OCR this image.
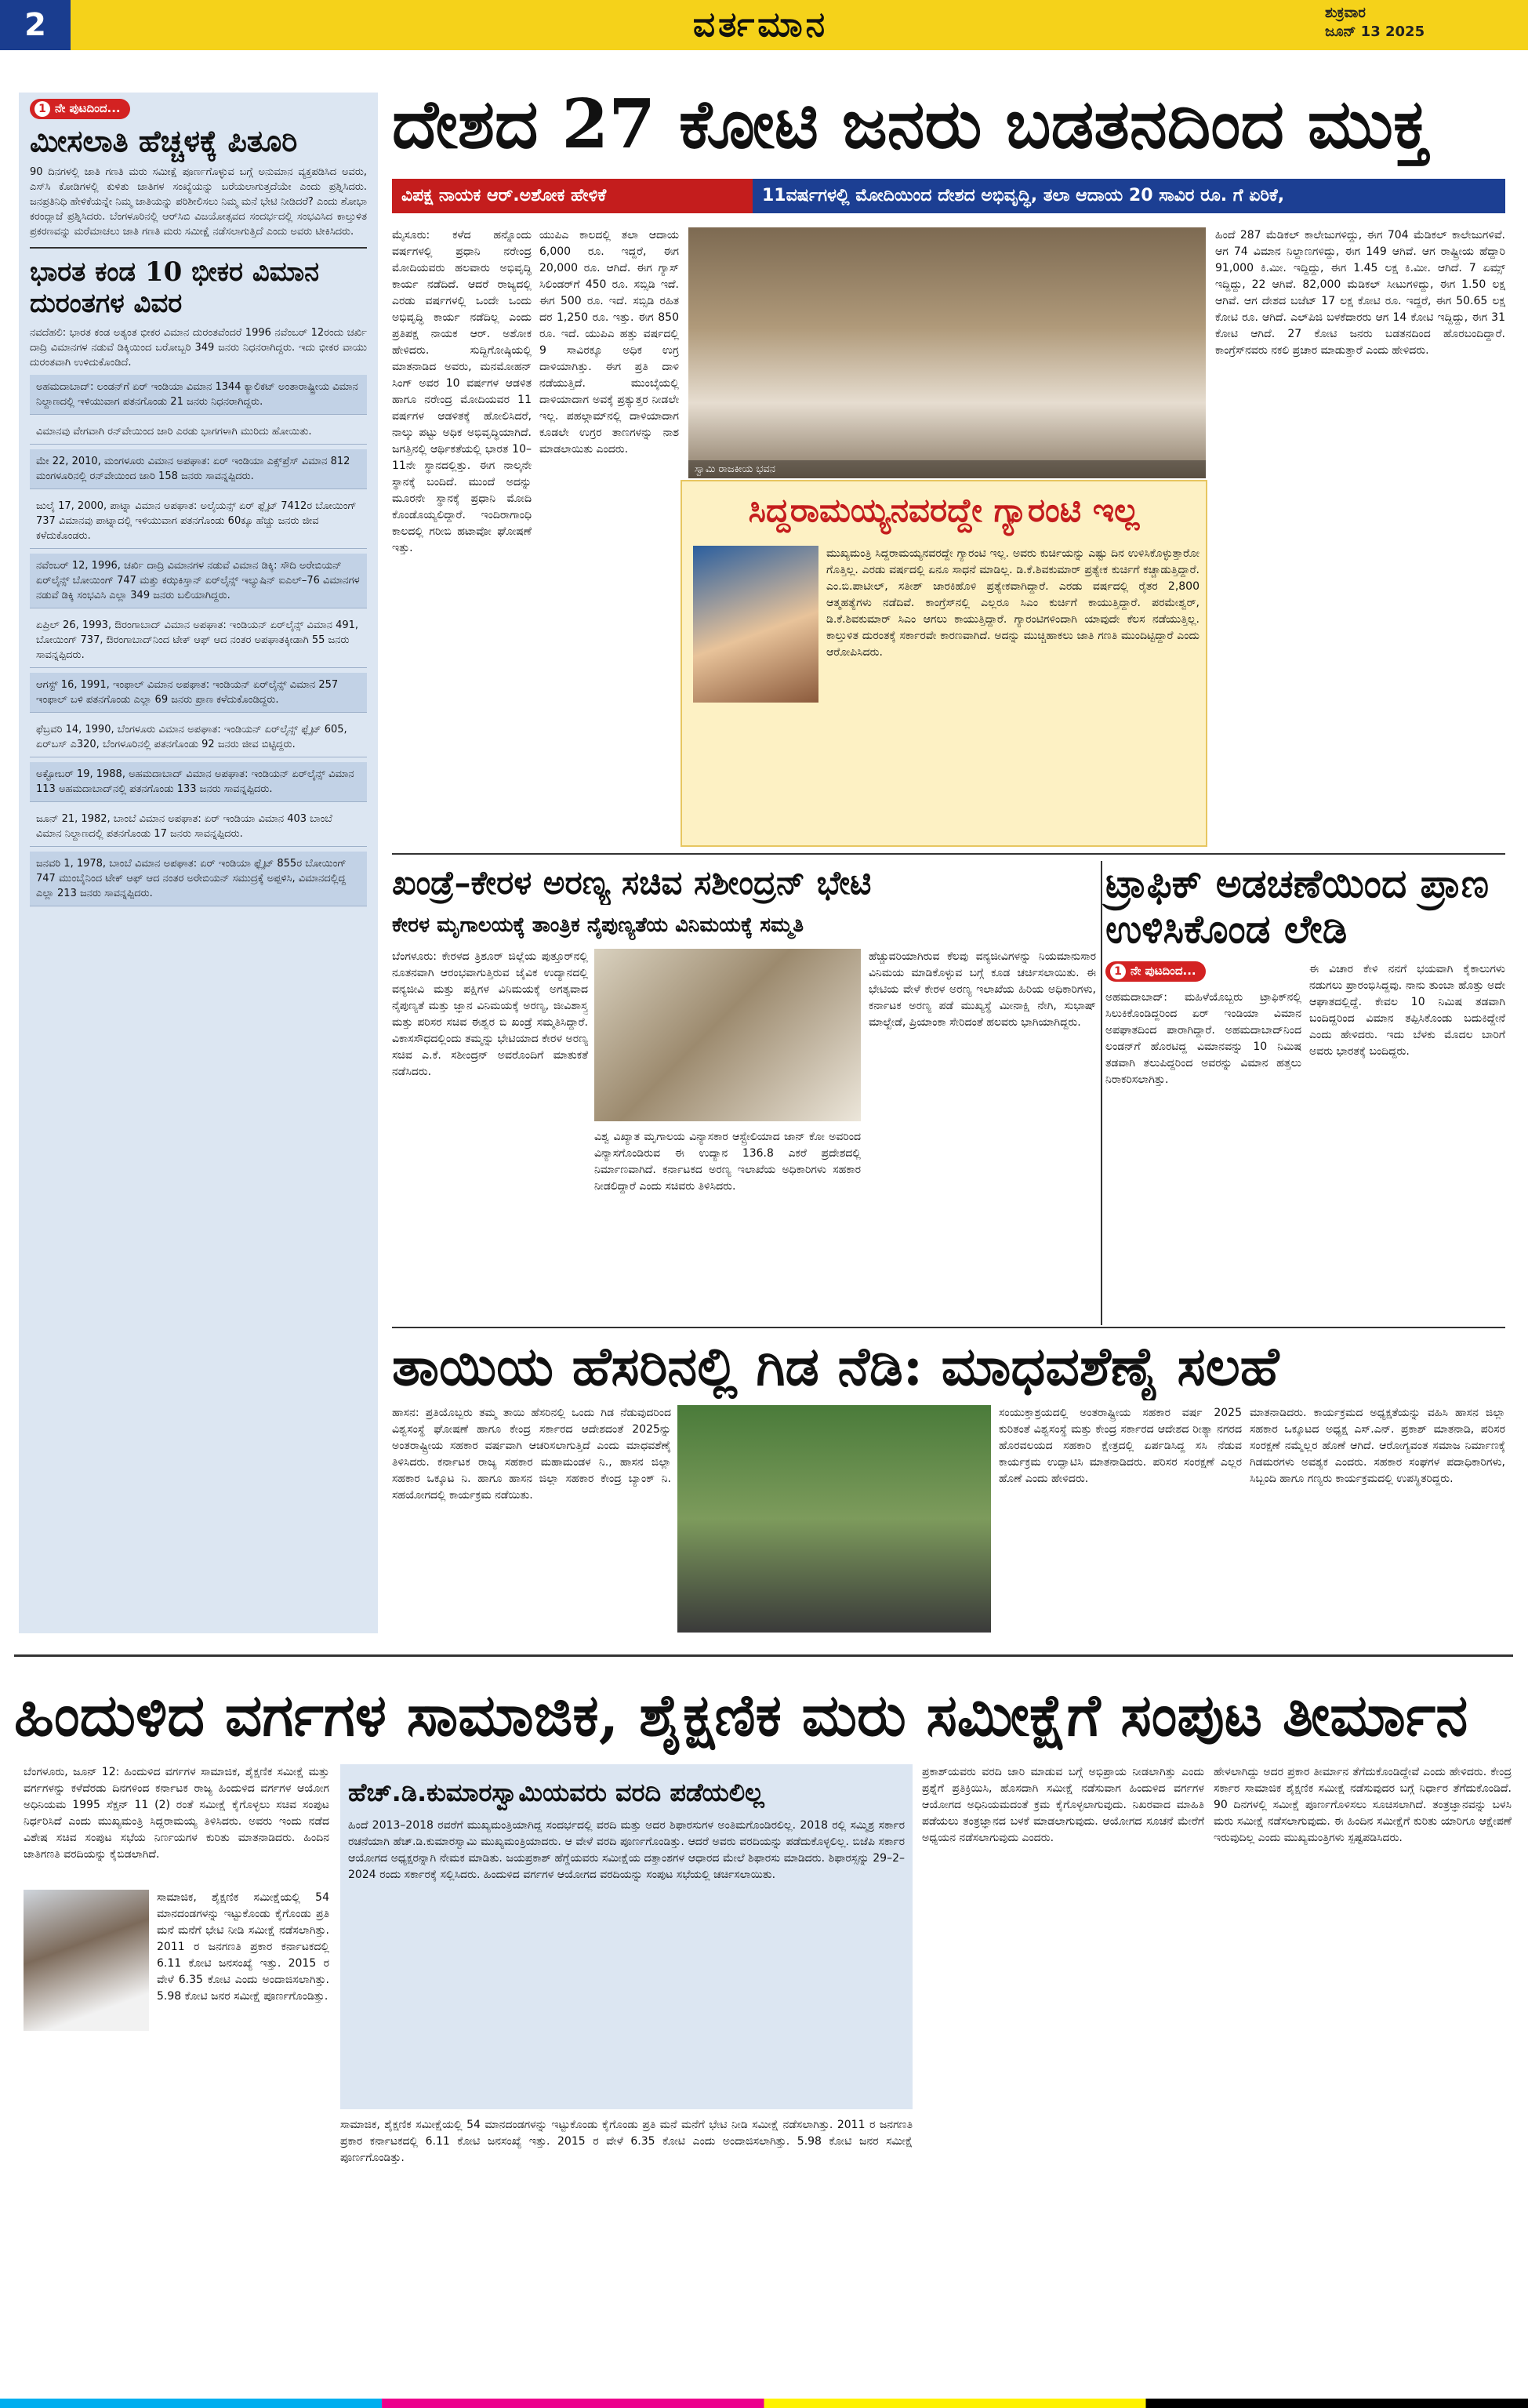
2	ವರ್ತಮಾನ	ಶುಕ್ರವಾರ
ಜೂನ್ 13 2025
1 ನೇ ಪುಟದಿಂದ...
ಮೀಸಲಾತಿ ಹೆಚ್ಚಳಕ್ಕೆ ಪಿತೂರಿ
90 ದಿನಗಳಲ್ಲಿ ಜಾತಿ ಗಣತಿ ಮರು ಸಮೀಕ್ಷೆ ಪೂರ್ಣಗೊಳ್ಳುವ ಬಗ್ಗೆ ಅನುಮಾನ ವ್ಯಕ್ತಪಡಿಸಿದ ಅವರು, ಎಸ್‌ಸಿ ಕೋಡಿಗಳಲ್ಲಿ ಕುಳಿತು ಜಾತಿಗಳ ಸಂಖ್ಯೆಯನ್ನು ಬರೆಯಲಾಗುತ್ತದೆಯೇ ಎಂದು ಪ್ರಶ್ನಿಸಿದರು. ಜನಪ್ರತಿನಿಧಿ ಹೇಳಿಕೆಯನ್ನೇ ನಿಮ್ಮ ಜಾತಿಯನ್ನು ಪರಿಶೀಲಿಸಲು ನಿಮ್ಮ ಮನೆ ಭೇಟಿ ನೀಡಿದರೆ? ಎಂದು ಶೋಭಾ ಕರಂದ್ಲಾಜೆ ಪ್ರಶ್ನಿಸಿದರು. ಬೆಂಗಳೂರಿನಲ್ಲಿ ಆರ್‌ಸಿಬಿ ವಿಜಯೋತ್ಸವದ ಸಂದರ್ಭದಲ್ಲಿ ಸಂಭವಿಸಿದ ಕಾಲ್ತುಳಿತ ಪ್ರಕರಣವನ್ನು ಮರೆಮಾಚಲು ಜಾತಿ ಗಣತಿ ಮರು ಸಮೀಕ್ಷೆ ನಡೆಸಲಾಗುತ್ತಿದೆ ಎಂದು ಅವರು ಟೀಕಿಸಿದರು.
ಭಾರತ ಕಂಡ 10 ಭೀಕರ ವಿಮಾನ ದುರಂತಗಳ ವಿವರ
ನವದೆಹಲಿ: ಭಾರತ ಕಂಡ ಅತ್ಯಂತ ಭೀಕರ ವಿಮಾನ ದುರಂತವೆಂದರೆ 1996 ನವೆಂಬರ್ 12ರಂದು ಚರ್ಖಿ ದಾದ್ರಿ ವಿಮಾನಗಳ ನಡುವೆ ಡಿಕ್ಕಿಯಿಂದ ಬರೋಬ್ಬರಿ 349 ಜನರು ನಿಧನರಾಗಿದ್ದರು. ಇದು ಭೀಕರ ವಾಯು ದುರಂತವಾಗಿ ಉಳಿದುಕೊಂಡಿದೆ.
ಅಹಮದಾಬಾದ್: ಲಂಡನ್‌ಗೆ ಏರ್ ಇಂಡಿಯಾ ವಿಮಾನ 1344 ಕ್ಯಾಲಿಕಟ್ ಅಂತಾರಾಷ್ಟ್ರೀಯ ವಿಮಾನ ನಿಲ್ದಾಣದಲ್ಲಿ ಇಳಿಯುವಾಗ ಪತನಗೊಂಡು 21 ಜನರು ನಿಧನರಾಗಿದ್ದರು.
ವಿಮಾನವು ವೇಗವಾಗಿ ರನ್‌ವೇಯಿಂದ ಜಾರಿ ಎರಡು ಭಾಗಗಳಾಗಿ ಮುರಿದು ಹೋಯಿತು.
ಮೇ 22, 2010, ಮಂಗಳೂರು ವಿಮಾನ ಅಪಘಾತ: ಏರ್ ಇಂಡಿಯಾ ಎಕ್ಸ್‌ಪ್ರೆಸ್ ವಿಮಾನ 812 ಮಂಗಳೂರಿನಲ್ಲಿ ರನ್‌ವೇಯಿಂದ ಜಾರಿ 158 ಜನರು ಸಾವನ್ನಪ್ಪಿದರು.
ಜುಲೈ 17, 2000, ಪಾಟ್ನಾ ವಿಮಾನ ಅಪಘಾತ: ಅಲೈಯನ್ಸ್ ಏರ್ ಫ್ಲೈಟ್ 7412ರ ಬೋಯಿಂಗ್ 737 ವಿಮಾನವು ಪಾಟ್ನಾದಲ್ಲಿ ಇಳಿಯುವಾಗ ಪತನಗೊಂಡು 60ಕ್ಕೂ ಹೆಚ್ಚು ಜನರು ಜೀವ ಕಳೆದುಕೊಂಡರು.
ನವೆಂಬರ್ 12, 1996, ಚರ್ಖಿ ದಾದ್ರಿ ವಿಮಾನಗಳ ನಡುವೆ ವಿಮಾನ ಡಿಕ್ಕಿ: ಸೌದಿ ಅರೇಬಿಯನ್ ಏರ್‌ಲೈನ್ಸ್ ಬೋಯಿಂಗ್ 747 ಮತ್ತು ಕಝಕಿಸ್ತಾನ್ ಏರ್‌ಲೈನ್ಸ್ ಇಲ್ಯುಷಿನ್ ಐಎಲ್–76 ವಿಮಾನಗಳ ನಡುವೆ ಡಿಕ್ಕಿ ಸಂಭವಿಸಿ ಎಲ್ಲಾ 349 ಜನರು ಬಲಿಯಾಗಿದ್ದರು.
ಏಪ್ರಿಲ್ 26, 1993, ಔರಂಗಾಬಾದ್ ವಿಮಾನ ಅಪಘಾತ: ಇಂಡಿಯನ್ ಏರ್‌ಲೈನ್ಸ್ ವಿಮಾನ 491, ಬೋಯಿಂಗ್ 737, ಔರಂಗಾಬಾದ್‌ನಿಂದ ಟೇಕ್ ಆಫ್ ಆದ ನಂತರ ಅಪಘಾತಕ್ಕೀಡಾಗಿ 55 ಜನರು ಸಾವನ್ನಪ್ಪಿದರು.
ಆಗಸ್ಟ್ 16, 1991, ಇಂಫಾಲ್ ವಿಮಾನ ಅಪಘಾತ: ಇಂಡಿಯನ್ ಏರ್‌ಲೈನ್ಸ್ ವಿಮಾನ 257 ಇಂಫಾಲ್ ಬಳಿ ಪತನಗೊಂಡು ಎಲ್ಲಾ 69 ಜನರು ಪ್ರಾಣ ಕಳೆದುಕೊಂಡಿದ್ದರು.
ಫೆಬ್ರವರಿ 14, 1990, ಬೆಂಗಳೂರು ವಿಮಾನ ಅಪಘಾತ: ಇಂಡಿಯನ್ ಏರ್‌ಲೈನ್ಸ್ ಫ್ಲೈಟ್ 605, ಏರ್‌ಬಸ್ ಎ320, ಬೆಂಗಳೂರಿನಲ್ಲಿ ಪತನಗೊಂಡು 92 ಜನರು ಜೀವ ಬಿಟ್ಟಿದ್ದರು.
ಅಕ್ಟೋಬರ್ 19, 1988, ಅಹಮದಾಬಾದ್ ವಿಮಾನ ಅಪಘಾತ: ಇಂಡಿಯನ್ ಏರ್‌ಲೈನ್ಸ್ ವಿಮಾನ 113 ಅಹಮದಾಬಾದ್‌ನಲ್ಲಿ ಪತನಗೊಂಡು 133 ಜನರು ಸಾವನ್ನಪ್ಪಿದರು.
ಜೂನ್ 21, 1982, ಬಾಂಬೆ ವಿಮಾನ ಅಪಘಾತ: ಏರ್ ಇಂಡಿಯಾ ವಿಮಾನ 403 ಬಾಂಬೆ ವಿಮಾನ ನಿಲ್ದಾಣದಲ್ಲಿ ಪತನಗೊಂಡು 17 ಜನರು ಸಾವನ್ನಪ್ಪಿದರು.
ಜನವರಿ 1, 1978, ಬಾಂಬೆ ವಿಮಾನ ಅಪಘಾತ: ಏರ್ ಇಂಡಿಯಾ ಫ್ಲೈಟ್ 855ರ ಬೋಯಿಂಗ್ 747 ಮುಂಬೈನಿಂದ ಟೇಕ್ ಆಫ್ ಆದ ನಂತರ ಅರೇಬಿಯನ್ ಸಮುದ್ರಕ್ಕೆ ಅಪ್ಪಳಿಸಿ, ವಿಮಾನದಲ್ಲಿದ್ದ ಎಲ್ಲಾ 213 ಜನರು ಸಾವನ್ನಪ್ಪಿದರು.
ದೇಶದ 27 ಕೋಟಿ ಜನರು ಬಡತನದಿಂದ ಮುಕ್ತ
ವಿಪಕ್ಷ ನಾಯಕ ಆರ್.ಅಶೋಕ ಹೇಳಿಕೆ	11ವರ್ಷಗಳಲ್ಲಿ ಮೋದಿಯಿಂದ ದೇಶದ ಅಭಿವೃದ್ಧಿ, ತಲಾ ಆದಾಯ 20 ಸಾವಿರ ರೂ. ಗೆ ಏರಿಕೆ,
ಮೈಸೂರು: ಕಳೆದ ಹನ್ನೊಂದು ವರ್ಷಗಳಲ್ಲಿ ಪ್ರಧಾನಿ ನರೇಂದ್ರ ಮೋದಿಯವರು ಹಲವಾರು ಅಭಿವೃದ್ಧಿ ಕಾರ್ಯ ನಡೆದಿದೆ. ಆದರೆ ರಾಜ್ಯದಲ್ಲಿ ಎರಡು ವರ್ಷಗಳಲ್ಲಿ ಒಂದೇ ಒಂದು ಅಭಿವೃದ್ಧಿ ಕಾರ್ಯ ನಡೆದಿಲ್ಲ ಎಂದು ಪ್ರತಿಪಕ್ಷ ನಾಯಕ ಆರ್. ಅಶೋಕ ಹೇಳಿದರು. ಸುದ್ದಿಗೋಷ್ಠಿಯಲ್ಲಿ ಮಾತನಾಡಿದ ಅವರು, ಮನಮೋಹನ್ ಸಿಂಗ್ ಅವರ 10 ವರ್ಷಗಳ ಆಡಳಿತ ಹಾಗೂ ನರೇಂದ್ರ ಮೋದಿಯವರ 11 ವರ್ಷಗಳ ಆಡಳಿತಕ್ಕೆ ಹೋಲಿಸಿದರೆ, ನಾಲ್ಕು ಪಟ್ಟು ಅಧಿಕ ಅಭಿವೃದ್ಧಿಯಾಗಿದೆ. ಜಗತ್ತಿನಲ್ಲಿ ಆರ್ಥಿಕತೆಯಲ್ಲಿ ಭಾರತ 10–11ನೇ ಸ್ಥಾನದಲ್ಲಿತ್ತು. ಈಗ ನಾಲ್ಕನೇ ಸ್ಥಾನಕ್ಕೆ ಬಂದಿದೆ. ಮುಂದೆ ಅದನ್ನು ಮೂರನೇ ಸ್ಥಾನಕ್ಕೆ ಪ್ರಧಾನಿ ಮೋದಿ ಕೊಂಡೊಯ್ಯಲಿದ್ದಾರೆ. ಇಂದಿರಾಗಾಂಧಿ ಕಾಲದಲ್ಲಿ ಗರೀಬಿ ಹಟಾವೋ ಘೋಷಣೆ ಇತ್ತು.
ಯುಪಿಎ ಕಾಲದಲ್ಲಿ ತಲಾ ಆದಾಯ 6,000 ರೂ. ಇದ್ದರೆ, ಈಗ 20,000 ರೂ. ಆಗಿದೆ. ಈಗ ಗ್ಯಾಸ್ ಸಿಲಿಂಡರ್‌ಗೆ 450 ರೂ. ಸಬ್ಸಿಡಿ ಇದೆ. ಈಗ 500 ರೂ. ಇದೆ. ಸಬ್ಸಿಡಿ ರಹಿತ ದರ 1,250 ರೂ. ಇತ್ತು. ಈಗ 850 ರೂ. ಇದೆ. ಯುಪಿಎ ಹತ್ತು ವರ್ಷದಲ್ಲಿ 9 ಸಾವಿರಕ್ಕೂ ಅಧಿಕ ಉಗ್ರ ದಾಳಿಯಾಗಿತ್ತು. ಈಗ ಪ್ರತಿ ದಾಳಿ ನಡೆಯುತ್ತಿದೆ. ಮುಂಬೈಯಲ್ಲಿ ದಾಳಿಯಾದಾಗ ಅವಕ್ಕೆ ಪ್ರತ್ಯುತ್ತರ ನೀಡಲೇ ಇಲ್ಲ. ಪಹಲ್ಗಾಮ್‌ನಲ್ಲಿ ದಾಳಿಯಾದಾಗ ಕೂಡಲೇ ಉಗ್ರರ ತಾಣಗಳನ್ನು ನಾಶ ಮಾಡಲಾಯಿತು ಎಂದರು.
ಸ್ವಾಮಿ ರಾಜಕೀಯ ಭವನ
ಹಿಂದೆ 287 ಮೆಡಿಕಲ್ ಕಾಲೇಜುಗಳಿದ್ದು, ಈಗ 704 ಮೆಡಿಕಲ್ ಕಾಲೇಜುಗಳಿವೆ. ಆಗ 74 ವಿಮಾನ ನಿಲ್ದಾಣಗಳಿದ್ದು, ಈಗ 149 ಆಗಿವೆ. ಆಗ ರಾಷ್ಟ್ರೀಯ ಹೆದ್ದಾರಿ 91,000 ಕಿ.ಮೀ. ಇದ್ದಿದ್ದು, ಈಗ 1.45 ಲಕ್ಷ ಕಿ.ಮೀ. ಆಗಿದೆ. 7 ಏಮ್ಸ್ ಇದ್ದಿದ್ದು, 22 ಆಗಿವೆ. 82,000 ಮೆಡಿಕಲ್ ಸೀಟುಗಳಿದ್ದು, ಈಗ 1.50 ಲಕ್ಷ ಆಗಿವೆ. ಆಗ ದೇಶದ ಬಜೆಟ್ 17 ಲಕ್ಷ ಕೋಟಿ ರೂ. ಇದ್ದರೆ, ಈಗ 50.65 ಲಕ್ಷ ಕೋಟಿ ರೂ. ಆಗಿದೆ. ಎಲ್‌ಪಿಜಿ ಬಳಕೆದಾರರು ಆಗ 14 ಕೋಟಿ ಇದ್ದಿದ್ದು, ಈಗ 31 ಕೋಟಿ ಆಗಿದೆ. 27 ಕೋಟಿ ಜನರು ಬಡತನದಿಂದ ಹೊರಬಂದಿದ್ದಾರೆ. ಕಾಂಗ್ರೆಸ್‌ನವರು ನಕಲಿ ಪ್ರಚಾರ ಮಾಡುತ್ತಾರೆ ಎಂದು ಹೇಳಿದರು.
ಸಿದ್ದರಾಮಯ್ಯನವರದ್ದೇ ಗ್ಯಾರಂಟಿ ಇಲ್ಲ
ಮುಖ್ಯಮಂತ್ರಿ ಸಿದ್ದರಾಮಯ್ಯನವರದ್ದೇ ಗ್ಯಾರಂಟಿ ಇಲ್ಲ. ಅವರು ಕುರ್ಚಿಯನ್ನು ಎಷ್ಟು ದಿನ ಉಳಿಸಿಕೊಳ್ಳುತ್ತಾರೋ ಗೊತ್ತಿಲ್ಲ. ಎರಡು ವರ್ಷದಲ್ಲಿ ಏನೂ ಸಾಧನೆ ಮಾಡಿಲ್ಲ. ಡಿ.ಕೆ.ಶಿವಕುಮಾರ್ ಪ್ರತ್ಯೇಕ ಕುರ್ಚಿಗೆ ಕಚ್ಚಾಡುತ್ತಿದ್ದಾರೆ. ಎಂ.ಬಿ.ಪಾಟೀಲ್, ಸತೀಶ್ ಜಾರಕಿಹೊಳಿ ಪ್ರತ್ಯೇಕವಾಗಿದ್ದಾರೆ. ಎರಡು ವರ್ಷದಲ್ಲಿ ರೈತರ 2,800 ಆತ್ಮಹತ್ಯೆಗಳು ನಡೆದಿವೆ. ಕಾಂಗ್ರೆಸ್‌ನಲ್ಲಿ ಎಲ್ಲರೂ ಸಿಎಂ ಕುರ್ಚಿಗೆ ಕಾಯುತ್ತಿದ್ದಾರೆ. ಪರಮೇಶ್ವರ್, ಡಿ.ಕೆ.ಶಿವಕುಮಾರ್ ಸಿಎಂ ಆಗಲು ಕಾಯುತ್ತಿದ್ದಾರೆ. ಗ್ಯಾರಂಟಿಗಳಿಂದಾಗಿ ಯಾವುದೇ ಕೆಲಸ ನಡೆಯುತ್ತಿಲ್ಲ. ಕಾಲ್ತುಳಿತ ದುರಂತಕ್ಕೆ ಸರ್ಕಾರವೇ ಕಾರಣವಾಗಿದೆ. ಅದನ್ನು ಮುಚ್ಚಿಹಾಕಲು ಜಾತಿ ಗಣತಿ ಮುಂದಿಟ್ಟಿದ್ದಾರೆ ಎಂದು ಆರೋಪಿಸಿದರು.
ಖಂಡ್ರೆ–ಕೇರಳ ಅರಣ್ಯ ಸಚಿವ ಸಶೀಂದ್ರನ್ ಭೇಟಿ
ಕೇರಳ ಮೃಗಾಲಯಕ್ಕೆ ತಾಂತ್ರಿಕ ನೈಪುಣ್ಯತೆಯ ವಿನಿಮಯಕ್ಕೆ ಸಮ್ಮತಿ
ಬೆಂಗಳೂರು: ಕೇರಳದ ತ್ರಿಶೂರ್ ಜಿಲ್ಲೆಯ ಪುತ್ತೂರ್‌ನಲ್ಲಿ ನೂತನವಾಗಿ ಆರಂಭವಾಗುತ್ತಿರುವ ಜೈವಿಕ ಉದ್ಯಾನದಲ್ಲಿ ವನ್ಯಜೀವಿ ಮತ್ತು ಪಕ್ಷಿಗಳ ವಿನಿಮಯಕ್ಕೆ ಅಗತ್ಯವಾದ ನೈಪುಣ್ಯತೆ ಮತ್ತು ಜ್ಞಾನ ವಿನಿಮಯಕ್ಕೆ ಅರಣ್ಯ, ಜೀವಿಶಾಸ್ತ್ರ ಮತ್ತು ಪರಿಸರ ಸಚಿವ ಈಶ್ವರ ಬಿ ಖಂಡ್ರೆ ಸಮ್ಮತಿಸಿದ್ದಾರೆ. ವಿಕಾಸಸೌಧದಲ್ಲಿಂದು ತಮ್ಮನ್ನು ಭೇಟಿಯಾದ ಕೇರಳ ಅರಣ್ಯ ಸಚಿವ ಎ.ಕೆ. ಸಶೀಂದ್ರನ್ ಅವರೊಂದಿಗೆ ಮಾತುಕತೆ ನಡೆಸಿದರು.
ವಿಶ್ವ ವಿಖ್ಯಾತ ಮೃಗಾಲಯ ವಿನ್ಯಾಸಕಾರ ಆಸ್ಟ್ರೇಲಿಯಾದ ಜಾನ್ ಕೋ ಅವರಿಂದ ವಿನ್ಯಾಸಗೊಂಡಿರುವ ಈ ಉದ್ಯಾನ 136.8 ಎಕರೆ ಪ್ರದೇಶದಲ್ಲಿ ನಿರ್ಮಾಣವಾಗಿದೆ. ಕರ್ನಾಟಕದ ಅರಣ್ಯ ಇಲಾಖೆಯ ಅಧಿಕಾರಿಗಳು ಸಹಕಾರ ನೀಡಲಿದ್ದಾರೆ ಎಂದು ಸಚಿವರು ತಿಳಿಸಿದರು.
ಹೆಚ್ಚುವರಿಯಾಗಿರುವ ಕೆಲವು ವನ್ಯಜೀವಿಗಳನ್ನು ನಿಯಮಾನುಸಾರ ವಿನಿಮಯ ಮಾಡಿಕೊಳ್ಳುವ ಬಗ್ಗೆ ಕೂಡ ಚರ್ಚಿಸಲಾಯಿತು. ಈ ಭೇಟಿಯ ವೇಳೆ ಕೇರಳ ಅರಣ್ಯ ಇಲಾಖೆಯ ಹಿರಿಯ ಅಧಿಕಾರಿಗಳು, ಕರ್ನಾಟಕ ಅರಣ್ಯ ಪಡೆ ಮುಖ್ಯಸ್ಥೆ ಮೀನಾಕ್ಷಿ ನೇಗಿ, ಸುಭಾಷ್ ಮಾಲ್ಖೇಡೆ, ಪ್ರಿಯಾಂಕಾ ಸೇರಿದಂತೆ ಹಲವರು ಭಾಗಿಯಾಗಿದ್ದರು.
ಟ್ರಾಫಿಕ್ ಅಡಚಣೆಯಿಂದ ಪ್ರಾಣ ಉಳಿಸಿಕೊಂಡ ಲೇಡಿ
1 ನೇ ಪುಟದಿಂದ...
ಅಹಮದಾಬಾದ್: ಮಹಿಳೆಯೊಬ್ಬರು ಟ್ರಾಫಿಕ್‌ನಲ್ಲಿ ಸಿಲುಕಿಕೊಂಡಿದ್ದರಿಂದ ಏರ್ ಇಂಡಿಯಾ ವಿಮಾನ ಅಪಘಾತದಿಂದ ಪಾರಾಗಿದ್ದಾರೆ. ಅಹಮದಾಬಾದ್‌ನಿಂದ ಲಂಡನ್‌ಗೆ ಹೊರಟಿದ್ದ ವಿಮಾನವನ್ನು 10 ನಿಮಿಷ ತಡವಾಗಿ ತಲುಪಿದ್ದರಿಂದ ಅವರನ್ನು ವಿಮಾನ ಹತ್ತಲು ನಿರಾಕರಿಸಲಾಗಿತ್ತು.
ಈ ವಿಚಾರ ಕೇಳಿ ನನಗೆ ಭಯವಾಗಿ ಕೈಕಾಲುಗಳು ನಡುಗಲು ಪ್ರಾರಂಭಿಸಿದ್ದವು. ನಾನು ತುಂಬಾ ಹೊತ್ತು ಅದೇ ಆಘಾತದಲ್ಲಿದ್ದೆ. ಕೇವಲ 10 ನಿಮಿಷ ತಡವಾಗಿ ಬಂದಿದ್ದರಿಂದ ವಿಮಾನ ತಪ್ಪಿಸಿಕೊಂಡು ಬದುಕಿದ್ದೇನೆ ಎಂದು ಹೇಳಿದರು. ಇದು ಬೆಳಕು ಮೊದಲ ಬಾರಿಗೆ ಅವರು ಭಾರತಕ್ಕೆ ಬಂದಿದ್ದರು.
ತಾಯಿಯ ಹೆಸರಿನಲ್ಲಿ ಗಿಡ ನೆಡಿ: ಮಾಧವಶೆಣೈ ಸಲಹೆ
ಹಾಸನ: ಪ್ರತಿಯೊಬ್ಬರು ತಮ್ಮ ತಾಯಿ ಹೆಸರಿನಲ್ಲಿ ಒಂದು ಗಿಡ ನೆಡುವುದರಿಂದ ವಿಶ್ವಸಂಸ್ಥೆ ಘೋಷಣೆ ಹಾಗೂ ಕೇಂದ್ರ ಸರ್ಕಾರದ ಆದೇಶದಂತೆ 2025ನ್ನು ಅಂತರಾಷ್ಟ್ರೀಯ ಸಹಕಾರ ವರ್ಷವಾಗಿ ಆಚರಿಸಲಾಗುತ್ತಿದೆ ಎಂದು ಮಾಧವಶೆಣೈ ತಿಳಿಸಿದರು. ಕರ್ನಾಟಕ ರಾಜ್ಯ ಸಹಕಾರ ಮಹಾಮಂಡಳ ನಿ., ಹಾಸನ ಜಿಲ್ಲಾ ಸಹಕಾರ ಒಕ್ಕೂಟ ನಿ. ಹಾಗೂ ಹಾಸನ ಜಿಲ್ಲಾ ಸಹಕಾರ ಕೇಂದ್ರ ಬ್ಯಾಂಕ್ ನಿ. ಸಹಯೋಗದಲ್ಲಿ ಕಾರ್ಯಕ್ರಮ ನಡೆಯಿತು.
ಸಂಯುಕ್ತಾಶ್ರಯದಲ್ಲಿ ಅಂತರಾಷ್ಟ್ರೀಯ ಸಹಕಾರ ವರ್ಷ 2025 ಕುರಿತಂತೆ ವಿಶ್ವಸಂಸ್ಥೆ ಮತ್ತು ಕೇಂದ್ರ ಸರ್ಕಾರದ ಆದೇಶದ ರೀತ್ಯಾ ನಗರದ ಹೊರವಲಯದ ಸಹಕಾರಿ ಕ್ಷೇತ್ರದಲ್ಲಿ ಏರ್ಪಡಿಸಿದ್ದ ಸಸಿ ನೆಡುವ ಕಾರ್ಯಕ್ರಮ ಉದ್ಘಾಟಿಸಿ ಮಾತನಾಡಿದರು. ಪರಿಸರ ಸಂರಕ್ಷಣೆ ಎಲ್ಲರ ಹೊಣೆ ಎಂದು ಹೇಳಿದರು.
ಮಾತನಾಡಿದರು. ಕಾರ್ಯಕ್ರಮದ ಅಧ್ಯಕ್ಷತೆಯನ್ನು ವಹಿಸಿ ಹಾಸನ ಜಿಲ್ಲಾ ಸಹಕಾರ ಒಕ್ಕೂಟದ ಅಧ್ಯಕ್ಷ ಎಸ್.ಎನ್. ಪ್ರಕಾಶ್ ಮಾತನಾಡಿ, ಪರಿಸರ ಸಂರಕ್ಷಣೆ ನಮ್ಮೆಲ್ಲರ ಹೊಣೆ ಆಗಿದೆ. ಆರೋಗ್ಯವಂತ ಸಮಾಜ ನಿರ್ಮಾಣಕ್ಕೆ ಗಿಡಮರಗಳು ಅವಶ್ಯಕ ಎಂದರು. ಸಹಕಾರ ಸಂಘಗಳ ಪದಾಧಿಕಾರಿಗಳು, ಸಿಬ್ಬಂದಿ ಹಾಗೂ ಗಣ್ಯರು ಕಾರ್ಯಕ್ರಮದಲ್ಲಿ ಉಪಸ್ಥಿತರಿದ್ದರು.
ಹಿಂದುಳಿದ ವರ್ಗಗಳ ಸಾಮಾಜಿಕ, ಶೈಕ್ಷಣಿಕ ಮರು ಸಮೀಕ್ಷೆಗೆ ಸಂಪುಟ ತೀರ್ಮಾನ
ಬೆಂಗಳೂರು, ಜೂನ್ 12: ಹಿಂದುಳಿದ ವರ್ಗಗಳ ಸಾಮಾಜಿಕ, ಶೈಕ್ಷಣಿಕ ಸಮೀಕ್ಷೆ ಮತ್ತು ವರ್ಗಗಳನ್ನು ಕಳೆದೆರಡು ದಿನಗಳಿಂದ ಕರ್ನಾಟಕ ರಾಜ್ಯ ಹಿಂದುಳಿದ ವರ್ಗಗಳ ಆಯೋಗ ಅಧಿನಿಯಮ 1995 ಸೆಕ್ಷನ್ 11 (2) ರಂತೆ ಸಮೀಕ್ಷೆ ಕೈಗೊಳ್ಳಲು ಸಚಿವ ಸಂಪುಟ ನಿರ್ಧರಿಸಿದೆ ಎಂದು ಮುಖ್ಯಮಂತ್ರಿ ಸಿದ್ದರಾಮಯ್ಯ ತಿಳಿಸಿದರು. ಅವರು ಇಂದು ನಡೆದ ವಿಶೇಷ ಸಚಿವ ಸಂಪುಟ ಸಭೆಯ ನಿರ್ಣಯಗಳ ಕುರಿತು ಮಾತನಾಡಿದರು. ಹಿಂದಿನ ಜಾತಿಗಣತಿ ವರದಿಯನ್ನು ಕೈಬಿಡಲಾಗಿದೆ.
ಸಾಮಾಜಿಕ, ಶೈಕ್ಷಣಿಕ ಸಮೀಕ್ಷೆಯಲ್ಲಿ 54 ಮಾನದಂಡಗಳನ್ನು ಇಟ್ಟುಕೊಂಡು ಕೈಗೊಂಡು ಪ್ರತಿ ಮನೆ ಮನೆಗೆ ಭೇಟಿ ನೀಡಿ ಸಮೀಕ್ಷೆ ನಡೆಸಲಾಗಿತ್ತು. 2011 ರ ಜನಗಣತಿ ಪ್ರಕಾರ ಕರ್ನಾಟಕದಲ್ಲಿ 6.11 ಕೋಟಿ ಜನಸಂಖ್ಯೆ ಇತ್ತು. 2015 ರ ವೇಳೆ 6.35 ಕೋಟಿ ಎಂದು ಅಂದಾಜಿಸಲಾಗಿತ್ತು. 5.98 ಕೋಟಿ ಜನರ ಸಮೀಕ್ಷೆ ಪೂರ್ಣಗೊಂಡಿತ್ತು.
ಹೆಚ್.ಡಿ.ಕುಮಾರಸ್ವಾಮಿಯವರು ವರದಿ ಪಡೆಯಲಿಲ್ಲ
ಹಿಂದೆ 2013–2018 ರವರೆಗೆ ಮುಖ್ಯಮಂತ್ರಿಯಾಗಿದ್ದ ಸಂದರ್ಭದಲ್ಲಿ ವರದಿ ಮತ್ತು ಅದರ ಶಿಫಾರಸುಗಳ ಅಂತಿಮಗೊಂಡಿರಲಿಲ್ಲ. 2018 ರಲ್ಲಿ ಸಮ್ಮಿಶ್ರ ಸರ್ಕಾರ ರಚನೆಯಾಗಿ ಹೆಚ್.ಡಿ.ಕುಮಾರಸ್ವಾಮಿ ಮುಖ್ಯಮಂತ್ರಿಯಾದರು. ಆ ವೇಳೆ ವರದಿ ಪೂರ್ಣಗೊಂಡಿತ್ತು. ಆದರೆ ಅವರು ವರದಿಯನ್ನು ಪಡೆದುಕೊಳ್ಳಲಿಲ್ಲ. ಬಿಜೆಪಿ ಸರ್ಕಾರ ಆಯೋಗದ ಅಧ್ಯಕ್ಷರನ್ನಾಗಿ ನೇಮಕ ಮಾಡಿತು. ಜಯಪ್ರಕಾಶ್ ಹೆಗ್ಡೆಯವರು ಸಮೀಕ್ಷೆಯ ದತ್ತಾಂಶಗಳ ಆಧಾರದ ಮೇಲೆ ಶಿಫಾರಸು ಮಾಡಿದರು. ಶಿಫಾರಸ್ಸನ್ನು 29–2–2024 ರಂದು ಸರ್ಕಾರಕ್ಕೆ ಸಲ್ಲಿಸಿದರು. ಹಿಂದುಳಿದ ವರ್ಗಗಳ ಆಯೋಗದ ವರದಿಯನ್ನು ಸಂಪುಟ ಸಭೆಯಲ್ಲಿ ಚರ್ಚಿಸಲಾಯಿತು.
ಸಾಮಾಜಿಕ, ಶೈಕ್ಷಣಿಕ ಸಮೀಕ್ಷೆಯಲ್ಲಿ 54 ಮಾನದಂಡಗಳನ್ನು ಇಟ್ಟುಕೊಂಡು ಕೈಗೊಂಡು ಪ್ರತಿ ಮನೆ ಮನೆಗೆ ಭೇಟಿ ನೀಡಿ ಸಮೀಕ್ಷೆ ನಡೆಸಲಾಗಿತ್ತು. 2011 ರ ಜನಗಣತಿ ಪ್ರಕಾರ ಕರ್ನಾಟಕದಲ್ಲಿ 6.11 ಕೋಟಿ ಜನಸಂಖ್ಯೆ ಇತ್ತು. 2015 ರ ವೇಳೆ 6.35 ಕೋಟಿ ಎಂದು ಅಂದಾಜಿಸಲಾಗಿತ್ತು. 5.98 ಕೋಟಿ ಜನರ ಸಮೀಕ್ಷೆ ಪೂರ್ಣಗೊಂಡಿತ್ತು.
ಪ್ರಕಾಶ್‌ಯವರು ವರದಿ ಜಾರಿ ಮಾಡುವ ಬಗ್ಗೆ ಅಭಿಪ್ರಾಯ ನೀಡಲಾಗಿತ್ತು ಎಂದು ಪ್ರಶ್ನೆಗೆ ಪ್ರತಿಕ್ರಿಯಿಸಿ, ಹೊಸದಾಗಿ ಸಮೀಕ್ಷೆ ನಡೆಸುವಾಗ ಹಿಂದುಳಿದ ವರ್ಗಗಳ ಆಯೋಗದ ಅಧಿನಿಯಮದಂತೆ ಕ್ರಮ ಕೈಗೊಳ್ಳಲಾಗುವುದು. ನಿಖರವಾದ ಮಾಹಿತಿ ಪಡೆಯಲು ತಂತ್ರಜ್ಞಾನದ ಬಳಕೆ ಮಾಡಲಾಗುವುದು. ಆಯೋಗದ ಸೂಚನೆ ಮೇರೆಗೆ ಅಧ್ಯಯನ ನಡೆಸಲಾಗುವುದು ಎಂದರು.
ಹೇಳಲಾಗಿದ್ದು ಅದರ ಪ್ರಕಾರ ತೀರ್ಮಾನ ತೆಗೆದುಕೊಂಡಿದ್ದೇವೆ ಎಂದು ಹೇಳಿದರು. ಕೇಂದ್ರ ಸರ್ಕಾರ ಸಾಮಾಜಿಕ ಶೈಕ್ಷಣಿಕ ಸಮೀಕ್ಷೆ ನಡೆಸುವುದರ ಬಗ್ಗೆ ನಿರ್ಧಾರ ತೆಗೆದುಕೊಂಡಿದೆ. 90 ದಿನಗಳಲ್ಲಿ ಸಮೀಕ್ಷೆ ಪೂರ್ಣಗೊಳಿಸಲು ಸೂಚಿಸಲಾಗಿದೆ. ತಂತ್ರಜ್ಞಾನವನ್ನು ಬಳಸಿ ಮರು ಸಮೀಕ್ಷೆ ನಡೆಸಲಾಗುವುದು. ಈ ಹಿಂದಿನ ಸಮೀಕ್ಷೆಗೆ ಕುರಿತು ಯಾರಿಗೂ ಆಕ್ಷೇಪಣೆ ಇರುವುದಿಲ್ಲ ಎಂದು ಮುಖ್ಯಮಂತ್ರಿಗಳು ಸ್ಪಷ್ಟಪಡಿಸಿದರು.
